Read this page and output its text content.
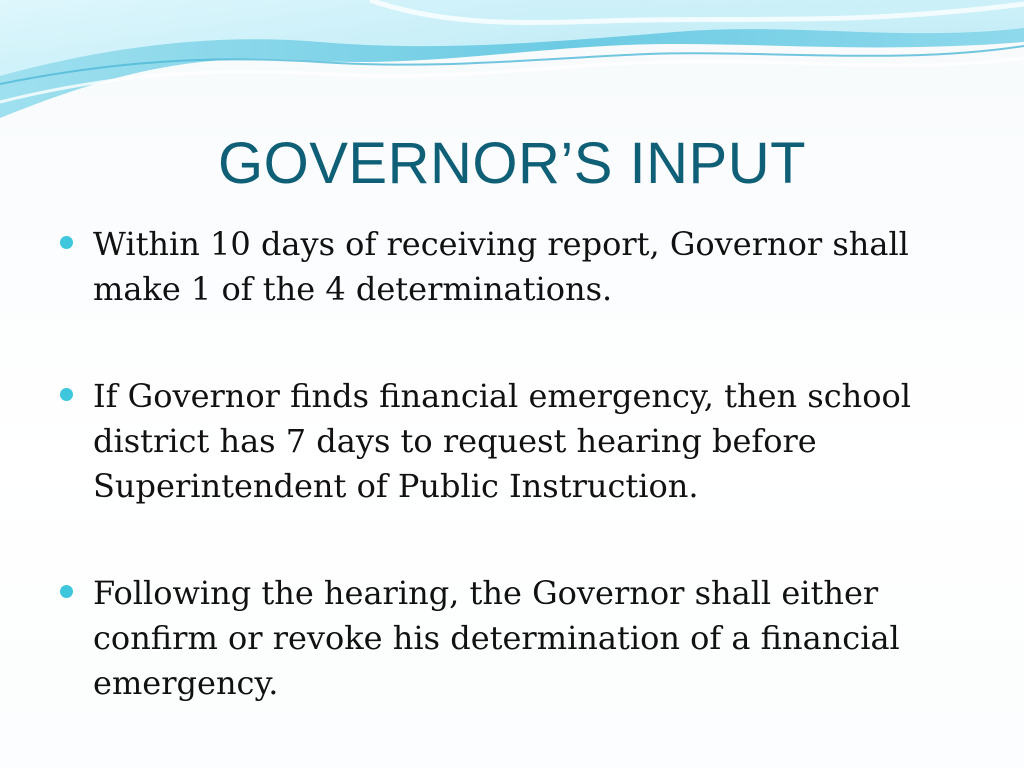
GOVERNOR’S INPUT
Within 10 days of receiving report, Governor shall make 1 of the 4 determinations.
If Governor finds financial emergency, then school district has 7 days to request hearing before Superintendent of Public Instruction.
Following the hearing, the Governor shall either confirm or revoke his determination of a financial emergency.
